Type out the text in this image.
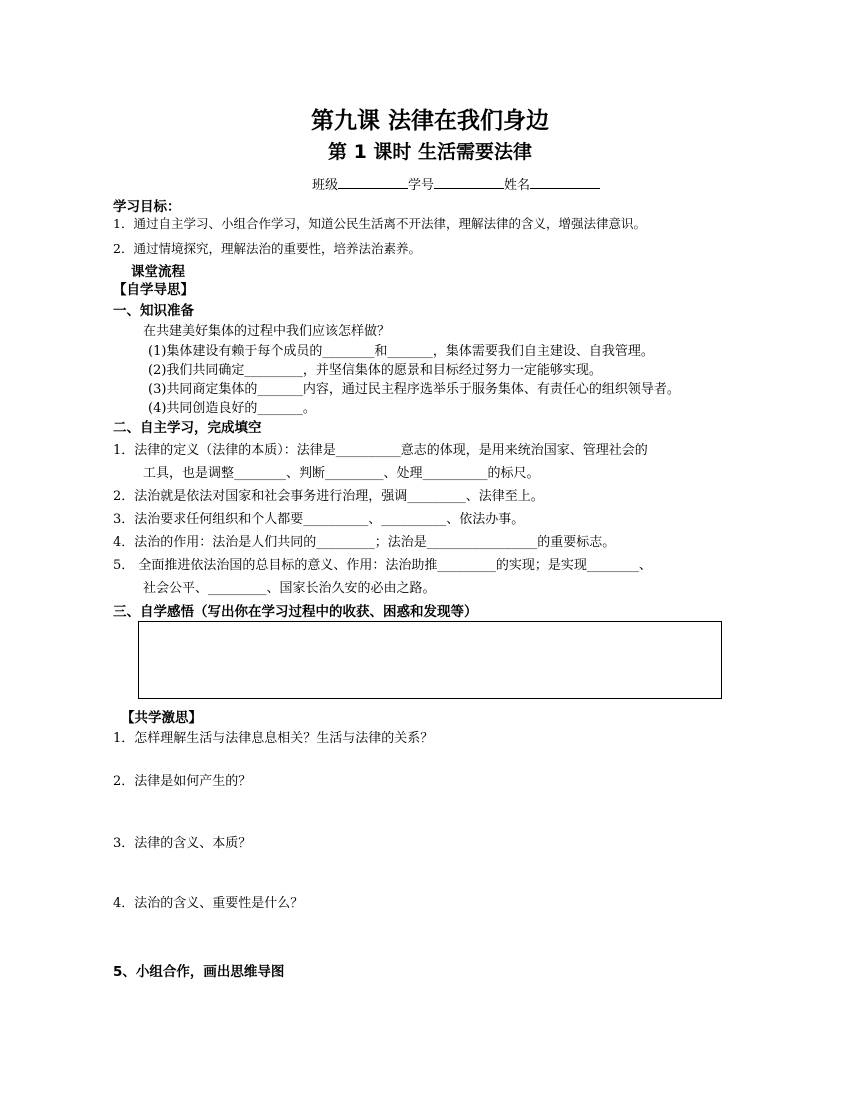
第九课 法律在我们身边
第 1 课时 生活需要法律
班级	学号	姓名
学习目标：
1．通过自主学习、小组合作学习，知道公民生活离不开法律，理解法律的含义，增强法律意识。
2．通过情境探究，理解法治的重要性，培养法治素养。
课堂流程
【自学导思】
一、知识准备
在共建美好集体的过程中我们应该怎样做？
(1)集体建设有赖于每个成员的________和_______，集体需要我们自主建设、自我管理。
(2)我们共同确定_________，并坚信集体的愿景和目标经过努力一定能够实现。
(3)共同商定集体的_______内容，通过民主程序选举乐于服务集体、有责任心的组织领导者。
(4)共同创造良好的_______。
二、自主学习，完成填空
1．法律的定义（法律的本质）：法律是__________意志的体现，是用来统治国家、管理社会的
工具，也是调整________、判断_________、处理__________的标尺。
2．法治就是依法对国家和社会事务进行治理，强调_________、法律至上。
3．法治要求任何组织和个人都要__________、__________、依法办事。
4．法治的作用：法治是人们共同的_________；法治是_________________的重要标志。
5． 全面推进依法治国的总目标的意义、作用：法治助推_________的实现；是实现________、
社会公平、_________、国家长治久安的必由之路。
三、自学感悟（写出你在学习过程中的收获、困惑和发现等）
【共学激思】
1．怎样理解生活与法律息息相关？生活与法律的关系？
2．法律是如何产生的？
3．法律的含义、本质？
4．法治的含义、重要性是什么？
5、小组合作，画出思维导图
